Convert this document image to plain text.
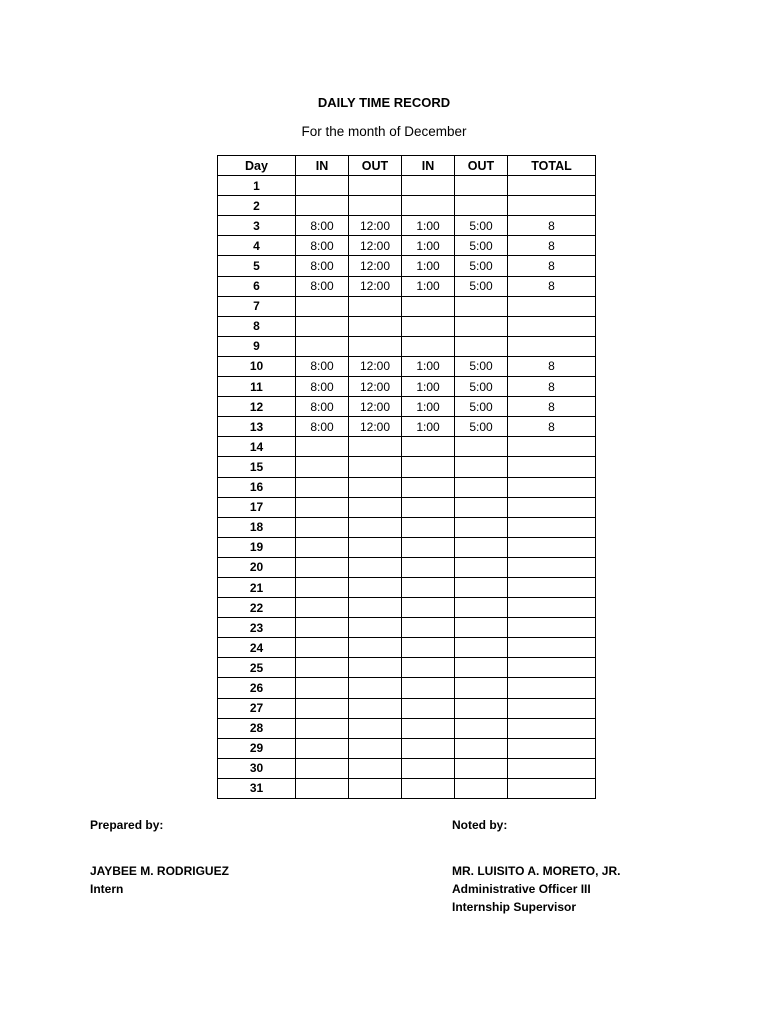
DAILY TIME RECORD
For the month of December
Day	IN	OUT	IN	OUT	TOTAL
1					
2					
3	8:00	12:00	1:00	5:00	8
4	8:00	12:00	1:00	5:00	8
5	8:00	12:00	1:00	5:00	8
6	8:00	12:00	1:00	5:00	8
7					
8					
9					
10	8:00	12:00	1:00	5:00	8
11	8:00	12:00	1:00	5:00	8
12	8:00	12:00	1:00	5:00	8
13	8:00	12:00	1:00	5:00	8
14					
15					
16					
17					
18					
19					
20					
21					
22					
23					
24					
25					
26					
27					
28					
29					
30					
31					
Prepared by:
JAYBEE M. RODRIGUEZ
Intern
Noted by:
MR. LUISITO A. MORETO, JR.
Administrative Officer III
Internship Supervisor
